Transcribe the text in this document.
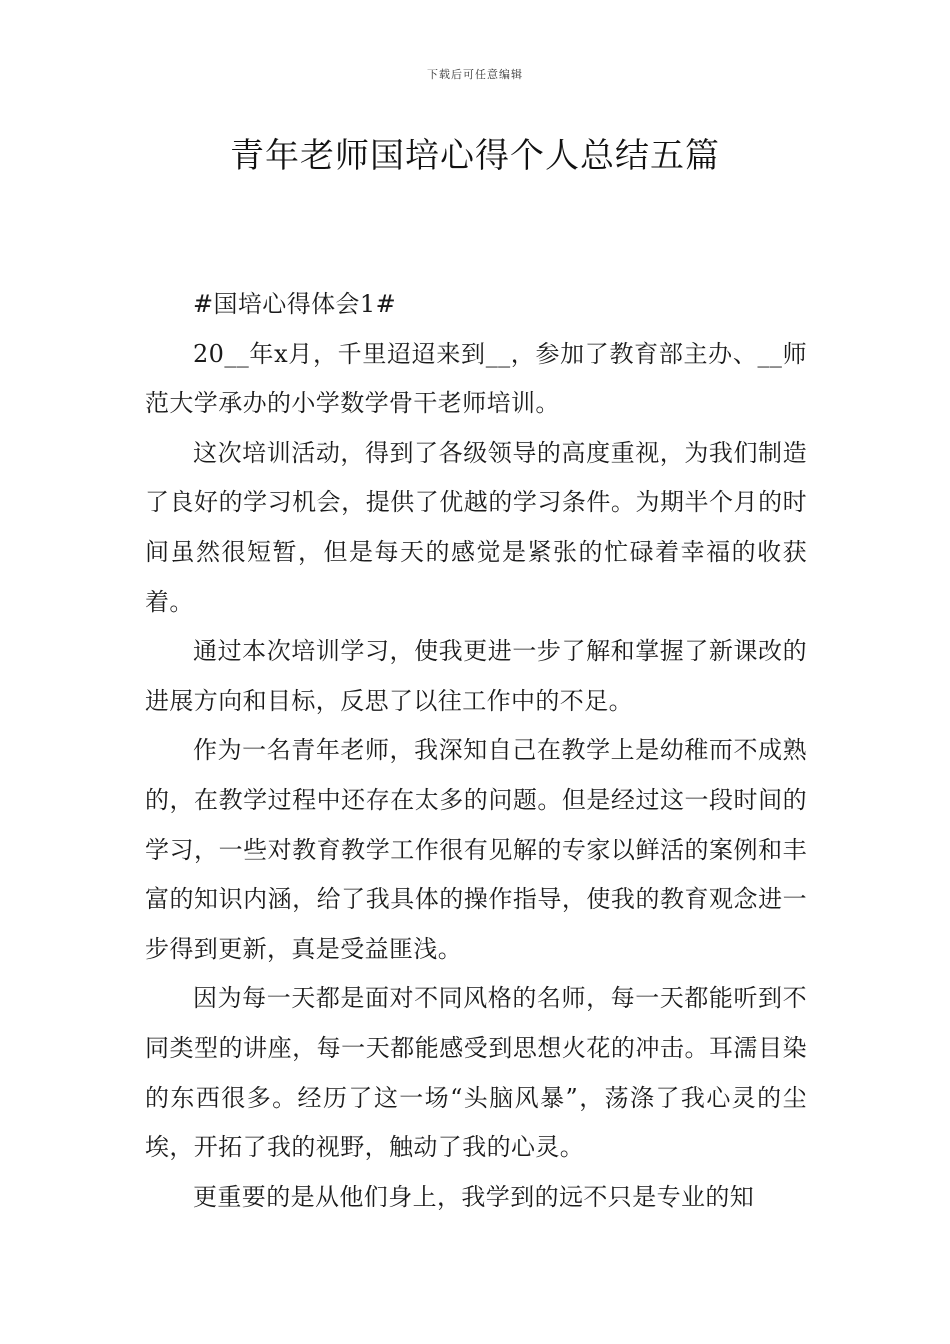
下载后可任意编辑
青年老师国培心得个人总结五篇

#国培心得体会1#

20__年x月，千里迢迢来到__，参加了教育部主办、__师范大学承办的小学数学骨干老师培训。

这次培训活动，得到了各级领导的高度重视，为我们制造了良好的学习机会，提供了优越的学习条件。为期半个月的时间虽然很短暂，但是每天的感觉是紧张的忙碌着幸福的收获着。

通过本次培训学习，使我更进一步了解和掌握了新课改的进展方向和目标，反思了以往工作中的不足。

作为一名青年老师，我深知自己在教学上是幼稚而不成熟的，在教学过程中还存在太多的问题。但是经过这一段时间的学习，一些对教育教学工作很有见解的专家以鲜活的案例和丰富的知识内涵，给了我具体的操作指导，使我的教育观念进一步得到更新，真是受益匪浅。

因为每一天都是面对不同风格的名师，每一天都能听到不同类型的讲座，每一天都能感受到思想火花的冲击。耳濡目染的东西很多。经历了这一场“头脑风暴”，荡涤了我心灵的尘埃，开拓了我的视野，触动了我的心灵。

更重要的是从他们身上，我学到的远不只是专业的知
